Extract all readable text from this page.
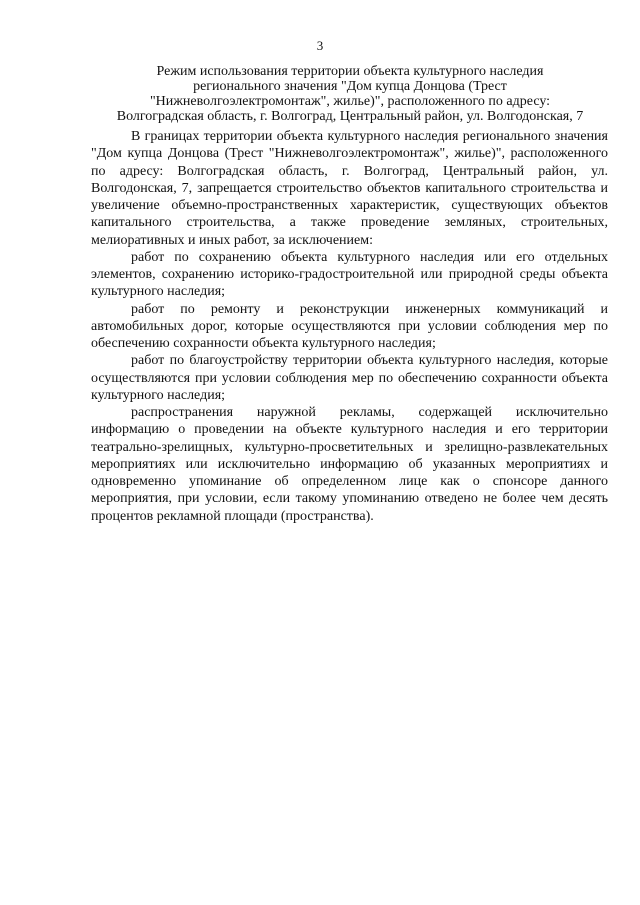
3
Режим использования территории объекта культурного наследия
регионального значения "Дом купца Донцова (Трест
"Нижневолгоэлектромонтаж", жилье)", расположенного по адресу:
Волгоградская область, г. Волгоград, Центральный район, ул. Волгодонская, 7

В границах территории объекта культурного наследия регионального значения "Дом купца Донцова (Трест "Нижневолгоэлектромонтаж", жилье)", расположенного по адресу: Волгоградская область, г. Волгоград, Центральный район, ул. Волгодонская, 7, запрещается строительство объектов капитального строительства и увеличение объемно-пространственных характеристик, существующих объектов капитального строительства, а также проведение земляных, строительных, мелиоративных и иных работ, за исключением:

работ по сохранению объекта культурного наследия или его отдельных элементов, сохранению историко-градостроительной или природной среды объекта культурного наследия;

работ по ремонту и реконструкции инженерных коммуникаций и автомобильных дорог, которые осуществляются при условии соблюдения мер по обеспечению сохранности объекта культурного наследия;

работ по благоустройству территории объекта культурного наследия, которые осуществляются при условии соблюдения мер по обеспечению сохранности объекта культурного наследия;

распространения наружной рекламы, содержащей исключительно информацию о проведении на объекте культурного наследия и его территории театрально-зрелищных, культурно-просветительных и зрелищно-развлекательных мероприятиях или исключительно информацию об указанных мероприятиях и одновременно упоминание об определенном лице как о спонсоре данного мероприятия, при условии, если такому упоминанию отведено не более чем десять процентов рекламной площади (пространства).
